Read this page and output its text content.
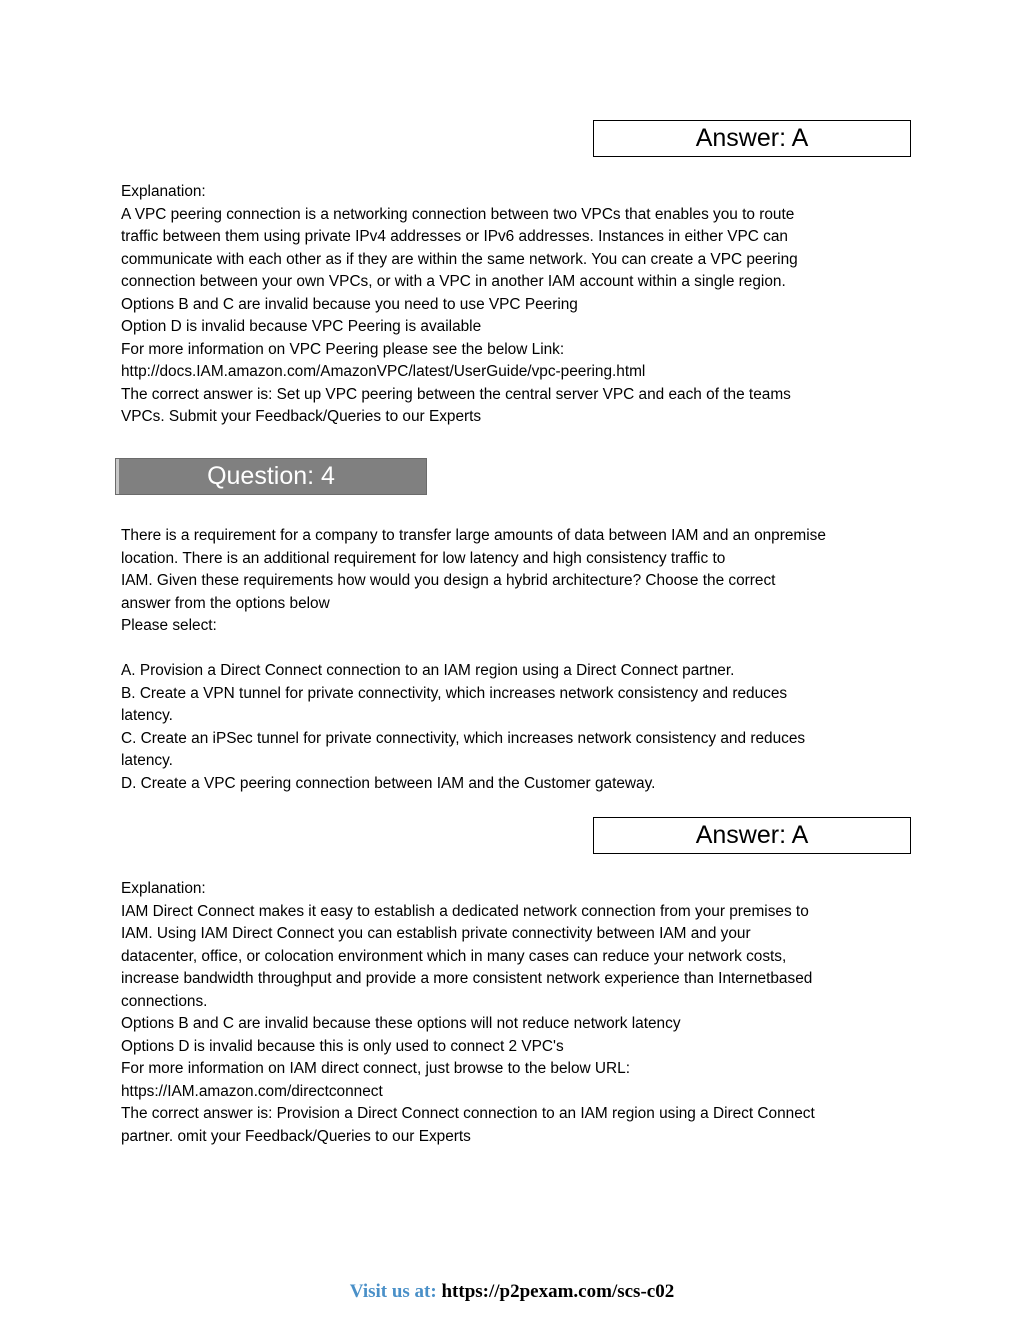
Answer: A
Explanation:
A VPC peering connection is a networking connection between two VPCs that enables you to route
traffic between them using private IPv4 addresses or IPv6 addresses. Instances in either VPC can
communicate with each other as if they are within the same network. You can create a VPC peering
connection between your own VPCs, or with a VPC in another IAM account within a single region.
Options B and C are invalid because you need to use VPC Peering
Option D is invalid because VPC Peering is available
For more information on VPC Peering please see the below Link:
http://docs.IAM.amazon.com/AmazonVPC/latest/UserGuide/vpc-peering.html
The correct answer is: Set up VPC peering between the central server VPC and each of the teams
VPCs. Submit your Feedback/Queries to our Experts
Question: 4
There is a requirement for a company to transfer large amounts of data between IAM and an onpremise
location. There is an additional requirement for low latency and high consistency traffic to
IAM. Given these requirements how would you design a hybrid architecture? Choose the correct
answer from the options below
Please select:
A. Provision a Direct Connect connection to an IAM region using a Direct Connect partner.
B. Create a VPN tunnel for private connectivity, which increases network consistency and reduces
latency.
C. Create an iPSec tunnel for private connectivity, which increases network consistency and reduces
latency.
D. Create a VPC peering connection between IAM and the Customer gateway.
Answer: A
Explanation:
IAM Direct Connect makes it easy to establish a dedicated network connection from your premises to
IAM. Using IAM Direct Connect you can establish private connectivity between IAM and your
datacenter, office, or colocation environment which in many cases can reduce your network costs,
increase bandwidth throughput and provide a more consistent network experience than Internetbased
connections.
Options B and C are invalid because these options will not reduce network latency
Options D is invalid because this is only used to connect 2 VPC's
For more information on IAM direct connect, just browse to the below URL:
https://IAM.amazon.com/directconnect
The correct answer is: Provision a Direct Connect connection to an IAM region using a Direct Connect
partner. omit your Feedback/Queries to our Experts
Visit us at: https://p2pexam.com/scs-c02
